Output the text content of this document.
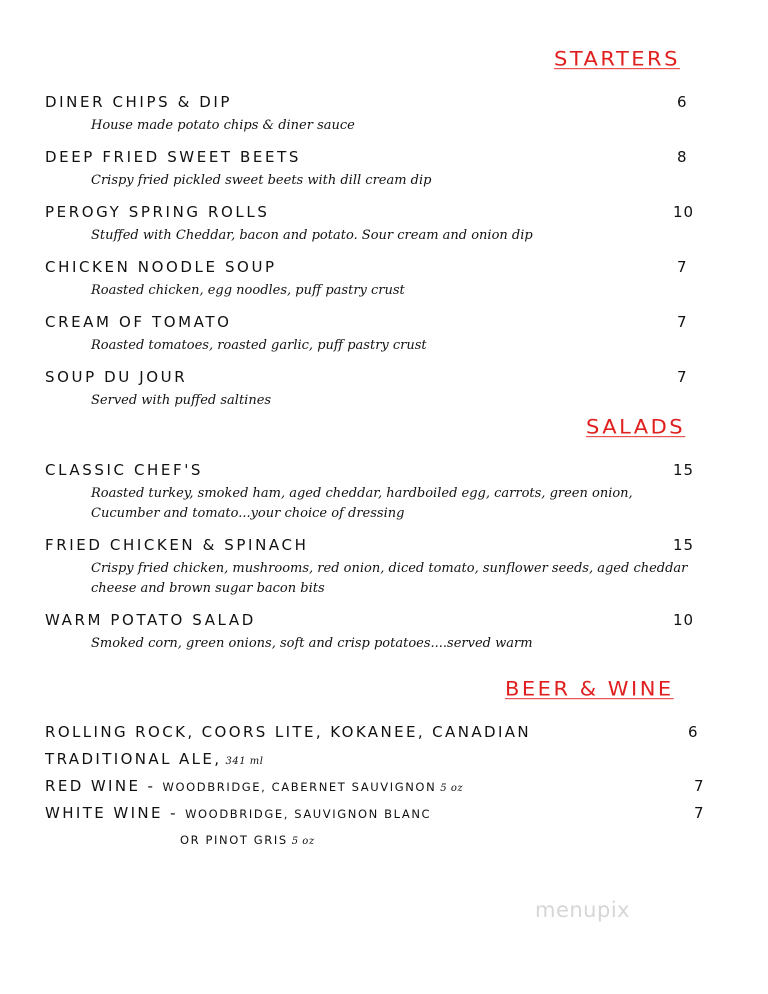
STARTERS
DINER CHIPS & DIP	6
House made potato chips & diner sauce
DEEP FRIED SWEET BEETS	8
Crispy fried pickled sweet beets with dill cream dip
PEROGY SPRING ROLLS	10
Stuffed with Cheddar, bacon and potato. Sour cream and onion dip
CHICKEN NOODLE SOUP	7
Roasted chicken, egg noodles, puff pastry crust
CREAM OF TOMATO	7
Roasted tomatoes, roasted garlic, puff pastry crust
SOUP DU JOUR	7
Served with puffed saltines
SALADS
CLASSIC CHEF'S	15
Roasted turkey, smoked ham, aged cheddar, hardboiled egg, carrots, green onion,
Cucumber and tomato...your choice of dressing
FRIED CHICKEN & SPINACH	15
Crispy fried chicken, mushrooms, red onion, diced tomato, sunflower seeds, aged cheddar
cheese and brown sugar bacon bits
WARM POTATO SALAD	10
Smoked corn, green onions, soft and crisp potatoes....served warm
BEER & WINE
ROLLING ROCK, COORS LITE, KOKANEE, CANADIAN	6
TRADITIONAL ALE, 341 ml
RED WINE - WOODBRIDGE, CABERNET SAUVIGNON 5 oz	7
WHITE WINE - WOODBRIDGE, SAUVIGNON BLANC	7
OR PINOT GRIS 5 oz
menupix
